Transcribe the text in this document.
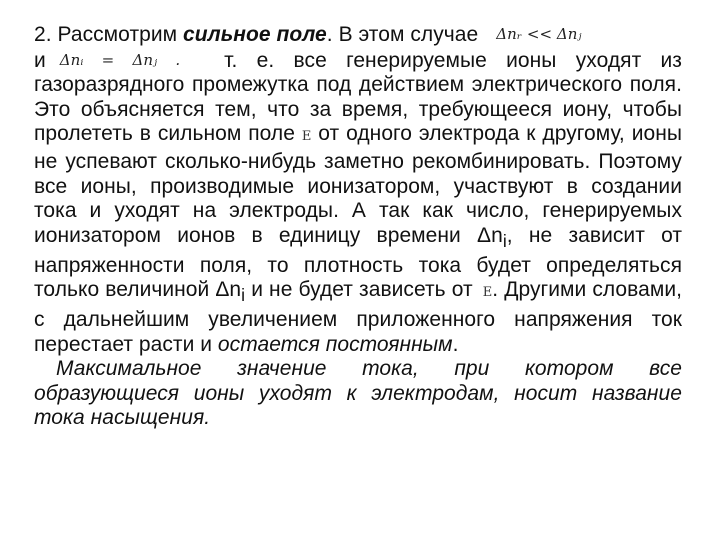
2. Рассмотрим сильное поле. В этом случае Δnᵣ << Δnⱼ
и Δnᵢ = Δnⱼ . т. е. все генерируемые ионы уходят из газоразрядного промежутка под действием электрического поля. Это объясняется тем, что за время, требующееся иону, чтобы пролететь в сильном поле E от одного электрода к другому, ионы не успевают сколько-нибудь заметно рекомбинировать. Поэтому все ионы, производимые ионизатором, участвуют в создании тока и уходят на электроды. А так как число, генерируемых ионизатором ионов в единицу времени $\Delta n_i$, не зависит от напряженности поля, то плотность тока будет определяться только величиной $\Delta n_i$ и не будет зависеть от E. Другими словами, с дальнейшим увеличением приложенного напряжения ток перестает расти и остается постоянным.

Максимальное значение тока, при котором все образующиеся ионы уходят к электродам, носит название тока насыщения.
